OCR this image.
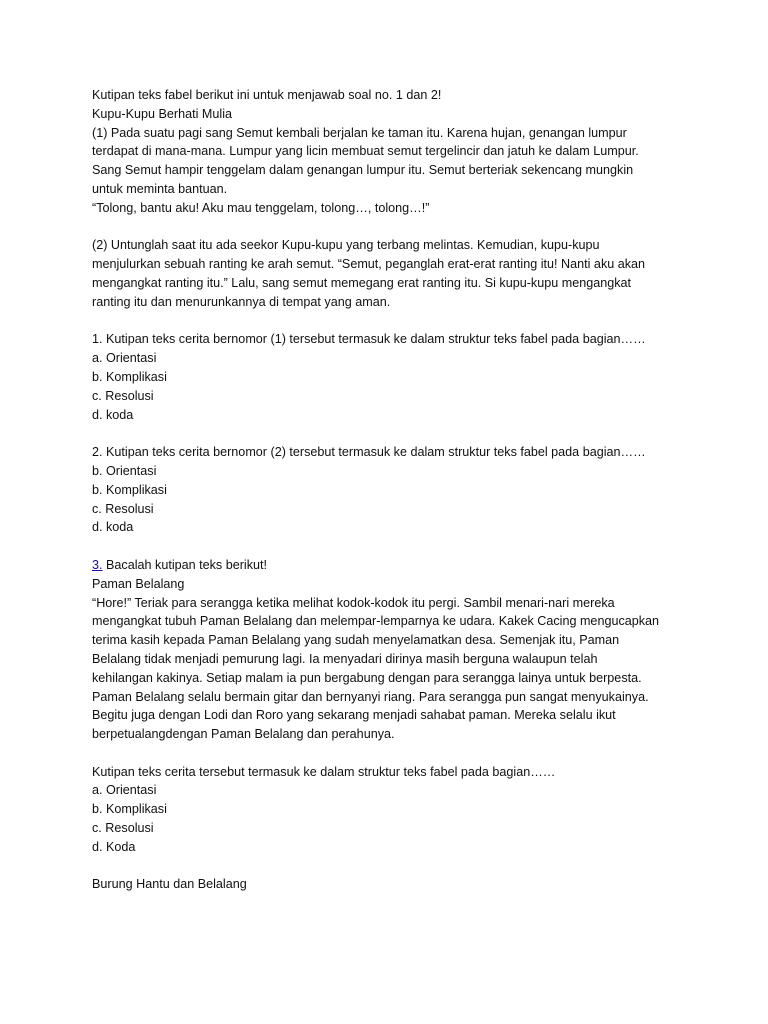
Kutipan teks fabel berikut ini untuk menjawab soal no. 1 dan 2!
Kupu-Kupu Berhati Mulia
(1) Pada suatu pagi sang Semut kembali berjalan ke taman itu. Karena hujan, genangan lumpur
terdapat di mana-mana. Lumpur yang licin membuat semut tergelincir dan jatuh ke dalam Lumpur.
Sang Semut hampir tenggelam dalam genangan lumpur itu. Semut berteriak sekencang mungkin
untuk meminta bantuan.
“Tolong, bantu aku! Aku mau tenggelam, tolong…, tolong…!”
(2) Untunglah saat itu ada seekor Kupu-kupu yang terbang melintas. Kemudian, kupu-kupu
menjulurkan sebuah ranting ke arah semut. “Semut, peganglah erat-erat ranting itu! Nanti aku akan
mengangkat ranting itu.” Lalu, sang semut memegang erat ranting itu. Si kupu-kupu mengangkat
ranting itu dan menurunkannya di tempat yang aman.
1. Kutipan teks cerita bernomor (1) tersebut termasuk ke dalam struktur teks fabel pada bagian……
a. Orientasi
b. Komplikasi
c. Resolusi
d. koda
2. Kutipan teks cerita bernomor (2) tersebut termasuk ke dalam struktur teks fabel pada bagian……
b. Orientasi
b. Komplikasi
c. Resolusi
d. koda
3. Bacalah kutipan teks berikut!
Paman Belalang
“Hore!” Teriak para serangga ketika melihat kodok-kodok itu pergi. Sambil menari-nari mereka
mengangkat tubuh Paman Belalang dan melempar-lemparnya ke udara. Kakek Cacing mengucapkan
terima kasih kepada Paman Belalang yang sudah menyelamatkan desa. Semenjak itu, Paman
Belalang tidak menjadi pemurung lagi. Ia menyadari dirinya masih berguna walaupun telah
kehilangan kakinya. Setiap malam ia pun bergabung dengan para serangga lainya untuk berpesta.
Paman Belalang selalu bermain gitar dan bernyanyi riang. Para serangga pun sangat menyukainya.
Begitu juga dengan Lodi dan Roro yang sekarang menjadi sahabat paman. Mereka selalu ikut
berpetualangdengan Paman Belalang dan perahunya.
Kutipan teks cerita tersebut termasuk ke dalam struktur teks fabel pada bagian……
a. Orientasi
b. Komplikasi
c. Resolusi
d. Koda
Burung Hantu dan Belalang
